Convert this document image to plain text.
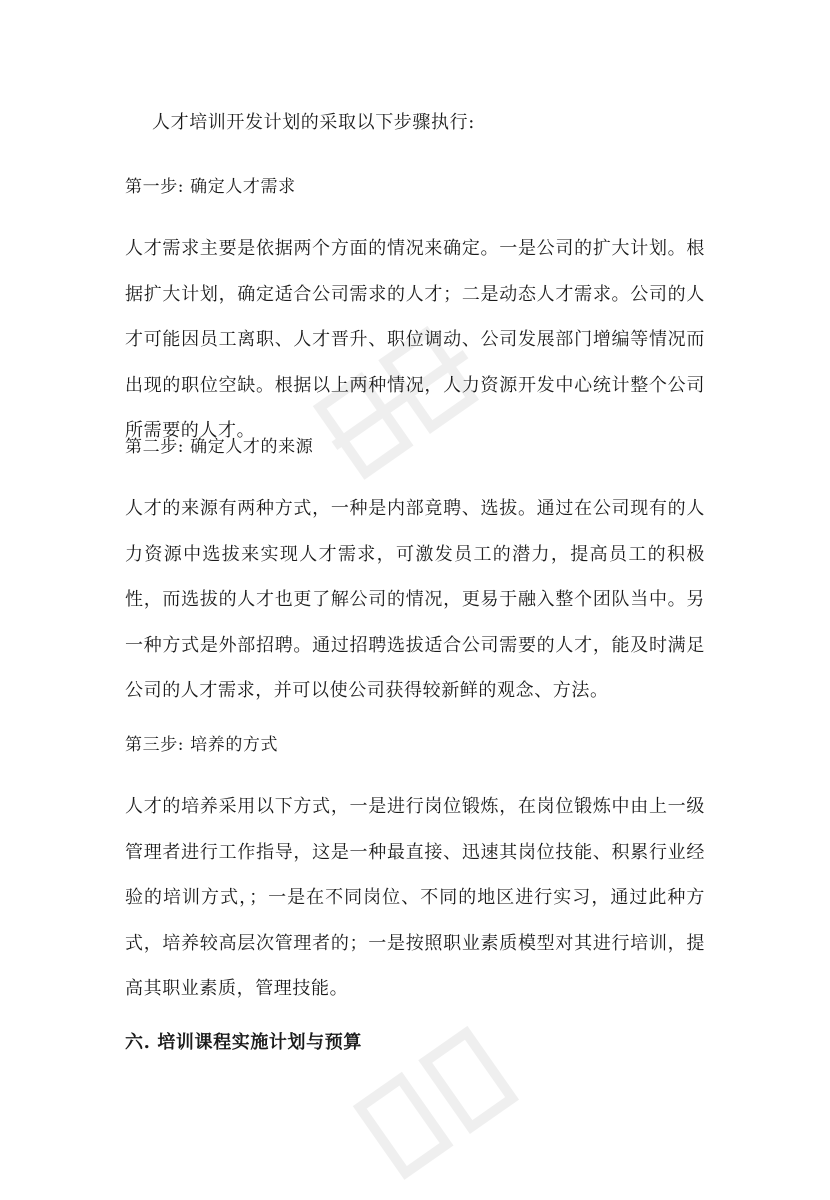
人才培训开发计划的采取以下步骤执行:
第一步: 确定人才需求
人才需求主要是依据两个方面的情况来确定。一是公司的扩大计划。根据扩大计划，确定适合公司需求的人才；二是动态人才需求。公司的人才可能因员工离职、人才晋升、职位调动、公司发展部门增编等情况而出现的职位空缺。根据以上两种情况，人力资源开发中心统计整个公司所需要的人才。
第二步: 确定人才的来源
人才的来源有两种方式，一种是内部竟聘、选拔。通过在公司现有的人力资源中选拔来实现人才需求，可激发员工的潜力，提高员工的积极性，而选拔的人才也更了解公司的情况，更易于融入整个团队当中。另一种方式是外部招聘。通过招聘选拔适合公司需要的人才，能及时满足公司的人才需求，并可以使公司获得较新鲜的观念、方法。
第三步: 培养的方式
人才的培养采用以下方式，一是进行岗位锻炼，在岗位锻炼中由上一级管理者进行工作指导，这是一种最直接、迅速其岗位技能、积累行业经验的培训方式，；一是在不同岗位、不同的地区进行实习，通过此种方式，培养较高层次管理者的；一是按照职业素质模型对其进行培训，提高其职业素质，管理技能。
六. 培训课程实施计划与预算
